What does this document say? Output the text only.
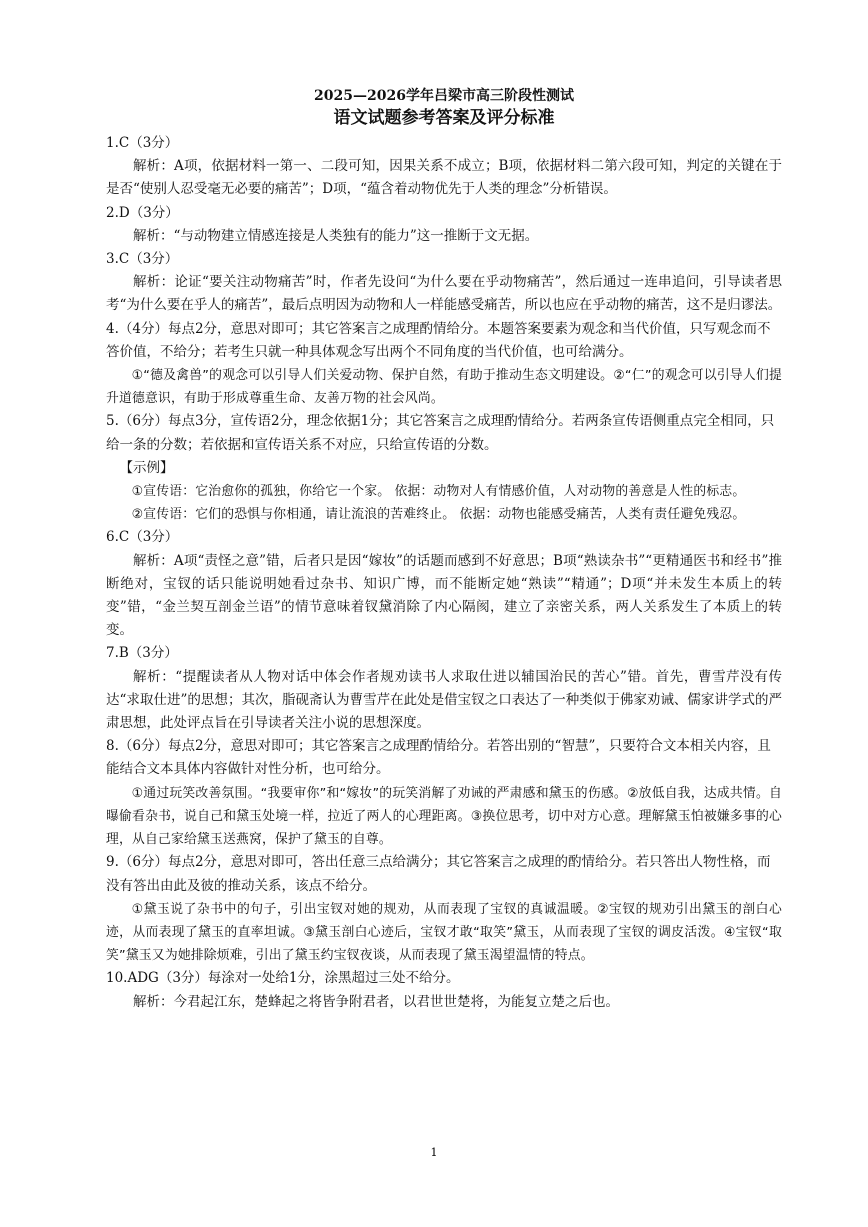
2025—2026学年吕梁市高三阶段性测试
语文试题参考答案及评分标准

1.C（3分）

解析：A项，依据材料一第一、二段可知，因果关系不成立；B项，依据材料二第六段可知，判定的关键在于是否“使别人忍受毫无必要的痛苦”；D项，“蕴含着动物优先于人类的理念”分析错误。

2.D（3分）

解析：“与动物建立情感连接是人类独有的能力”这一推断于文无据。

3.C（3分）

解析：论证“要关注动物痛苦”时，作者先设问“为什么要在乎动物痛苦”，然后通过一连串追问，引导读者思考“为什么要在乎人的痛苦”，最后点明因为动物和人一样能感受痛苦，所以也应在乎动物的痛苦，这不是归谬法。

4.（4分）每点2分，意思对即可；其它答案言之成理酌情给分。本题答案要素为观念和当代价值，只写观念而不答价值，不给分；若考生只就一种具体观念写出两个不同角度的当代价值，也可给满分。

①“德及禽兽”的观念可以引导人们关爱动物、保护自然，有助于推动生态文明建设。②“仁”的观念可以引导人们提升道德意识，有助于形成尊重生命、友善万物的社会风尚。

5.（6分）每点3分，宣传语2分，理念依据1分；其它答案言之成理酌情给分。若两条宣传语侧重点完全相同，只给一条的分数；若依据和宣传语关系不对应，只给宣传语的分数。

【示例】

①宣传语：它治愈你的孤独，你给它一个家。 依据：动物对人有情感价值，人对动物的善意是人性的标志。

②宣传语：它们的恐惧与你相通，请让流浪的苦难终止。 依据：动物也能感受痛苦，人类有责任避免残忍。

6.C（3分）

解析：A项“责怪之意”错，后者只是因“嫁妆”的话题而感到不好意思；B项“熟读杂书”“更精通医书和经书”推断绝对，宝钗的话只能说明她看过杂书、知识广博，而不能断定她“熟读”“精通”；D项“并未发生本质上的转变”错，“金兰契互剖金兰语”的情节意味着钗黛消除了内心隔阂，建立了亲密关系，两人关系发生了本质上的转变。

7.B（3分）

解析：“提醒读者从人物对话中体会作者规劝读书人求取仕进以辅国治民的苦心”错。首先，曹雪芹没有传达“求取仕进”的思想；其次，脂砚斋认为曹雪芹在此处是借宝钗之口表达了一种类似于佛家劝诫、儒家讲学式的严肃思想，此处评点旨在引导读者关注小说的思想深度。

8.（6分）每点2分，意思对即可；其它答案言之成理酌情给分。若答出别的“智慧”，只要符合文本相关内容，且能结合文本具体内容做针对性分析，也可给分。

①通过玩笑改善氛围。“我要审你”和“嫁妆”的玩笑消解了劝诫的严肃感和黛玉的伤感。②放低自我，达成共情。自曝偷看杂书，说自己和黛玉处境一样，拉近了两人的心理距离。③换位思考，切中对方心意。理解黛玉怕被嫌多事的心理，从自己家给黛玉送燕窝，保护了黛玉的自尊。

9.（6分）每点2分，意思对即可，答出任意三点给满分；其它答案言之成理的酌情给分。若只答出人物性格，而没有答出由此及彼的推动关系，该点不给分。

①黛玉说了杂书中的句子，引出宝钗对她的规劝，从而表现了宝钗的真诚温暖。②宝钗的规劝引出黛玉的剖白心迹，从而表现了黛玉的直率坦诚。③黛玉剖白心迹后，宝钗才敢“取笑”黛玉，从而表现了宝钗的调皮活泼。④宝钗“取笑”黛玉又为她排除烦难，引出了黛玉约宝钗夜谈，从而表现了黛玉渴望温情的特点。

10.ADG（3分）每涂对一处给1分，涂黑超过三处不给分。

解析：今君起江东，楚蜂起之将皆争附君者，以君世世楚将，为能复立楚之后也。

1
